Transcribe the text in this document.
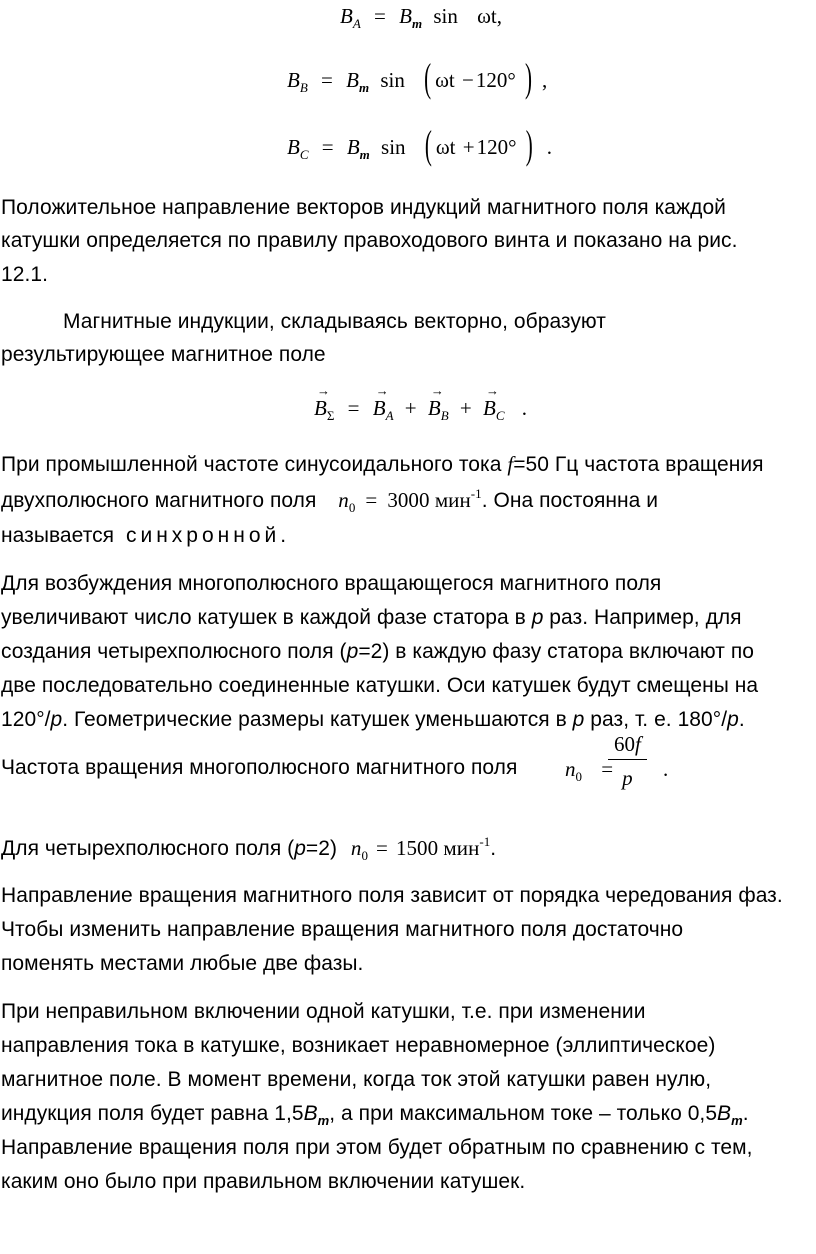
$B_A = B_m$ sin ωt,
$B_B = B_m$ sin ( ωt −120° ) ,
$B_C = B_m$ sin ( ωt +120° ) .
Положительное направление векторов индукций магнитного поля каждой
катушки определяется по правилу правоходового винта и показано на рис.
12.1.
Магнитные индукции, складываясь векторно, образуют
результирующее магнитное поле
→ $B_\Sigma$ = → $B_A$ + → $B_B$ + → $B_C$ .
При промышленной частоте синусоидального тока f=50 Гц частота вращения
двухполюсного магнитного поля $n_0 = 3000$ мин$^{-1}$. Она постоянна и
называется синхронной.
Для возбуждения многополюсного вращающегося магнитного поля
увеличивают число катушек в каждой фазе статора в p раз. Например, для
создания четырехполюсного поля (p=2) в каждую фазу статора включают по
две последовательно соединенные катушки. Оси катушек будут смещены на
120°/p. Геометрические размеры катушек уменьшаются в p раз, т. е. 180°/p.
Частота вращения многополюсного магнитного поля $n_0$ =
$\frac{60f}{p}$ .
Для четырехполюсного поля (p=2) $n_0 = 1500$ мин$^{-1}$.
Направление вращения магнитного поля зависит от порядка чередования фаз.
Чтобы изменить направление вращения магнитного поля достаточно
поменять местами любые две фазы.
При неправильном включении одной катушки, т.е. при изменении
направления тока в катушке, возникает неравномерное (эллиптическое)
магнитное поле. В момент времени, когда ток этой катушки равен нулю,
индукция поля будет равна $1,5B_m$, а при максимальном токе – только $0,5B_m$.
Направление вращения поля при этом будет обратным по сравнению с тем,
каким оно было при правильном включении катушек.
